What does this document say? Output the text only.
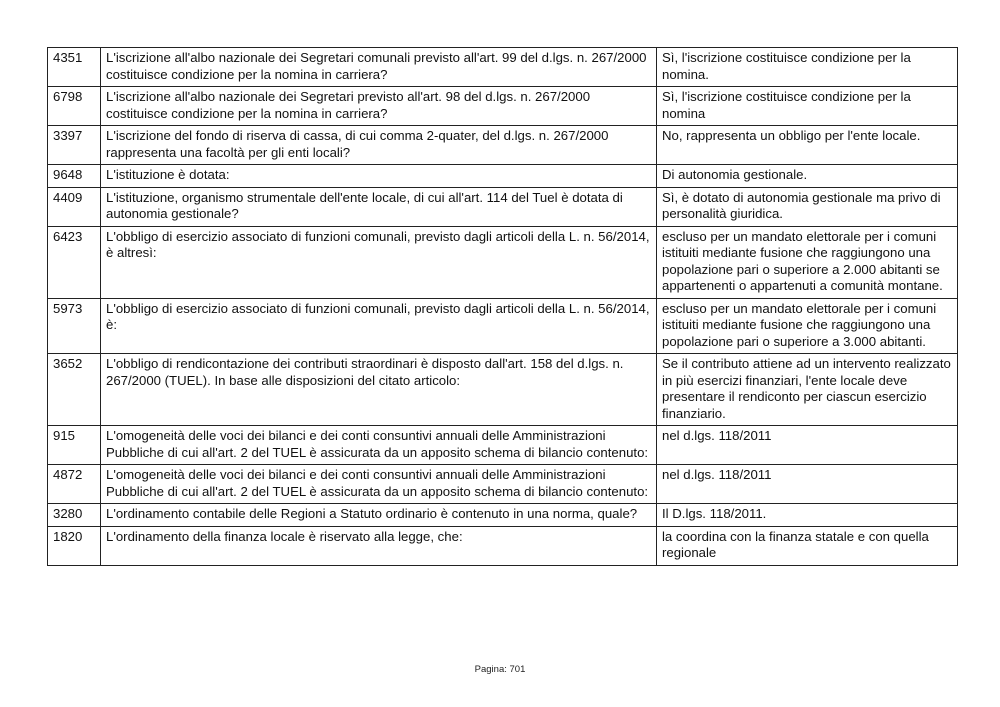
4351	L'iscrizione all'albo nazionale dei Segretari comunali previsto all'art. 99 del d.lgs. n. 267/2000 costituisce condizione per la nomina in carriera?	Sì, l'iscrizione costituisce condizione per la nomina.
6798	L'iscrizione all'albo nazionale dei Segretari previsto all'art. 98 del d.lgs. n. 267/2000 costituisce condizione per la nomina in carriera?	Sì, l'iscrizione costituisce condizione per la nomina
3397	L'iscrizione del fondo di riserva di cassa, di cui comma 2-quater, del d.lgs. n. 267/2000 rappresenta una facoltà per gli enti locali?	No, rappresenta un obbligo per l'ente locale.
9648	L'istituzione è dotata:	Di autonomia gestionale.
4409	L'istituzione, organismo strumentale dell'ente locale, di cui all'art. 114 del Tuel è dotata di autonomia gestionale?	Sì, è dotato di autonomia gestionale ma privo di personalità giuridica.
6423	L'obbligo di esercizio associato di funzioni comunali, previsto dagli articoli della L. n. 56/2014, è altresì:	escluso per un mandato elettorale per i comuni istituiti mediante fusione che raggiungono una popolazione pari o superiore a 2.000 abitanti se appartenenti o appartenuti a comunità montane.
5973	L'obbligo di esercizio associato di funzioni comunali, previsto dagli articoli della L. n. 56/2014, è:	escluso per un mandato elettorale per i comuni istituiti mediante fusione che raggiungono una popolazione pari o superiore a 3.000 abitanti.
3652	L'obbligo di rendicontazione dei contributi straordinari è disposto dall'art. 158 del d.lgs. n. 267/2000 (TUEL). In base alle disposizioni del citato articolo:	Se il contributo attiene ad un intervento realizzato in più esercizi finanziari, l'ente locale deve presentare il rendiconto per ciascun esercizio finanziario.
915	L'omogeneità delle voci dei bilanci e dei conti consuntivi annuali delle Amministrazioni Pubbliche di cui all'art. 2 del TUEL è assicurata da un apposito schema di bilancio contenuto:	nel d.lgs. 118/2011
4872	L'omogeneità delle voci dei bilanci e dei conti consuntivi annuali delle Amministrazioni Pubbliche di cui all'art. 2 del TUEL è assicurata da un apposito schema di bilancio contenuto:	nel d.lgs. 118/2011
3280	L'ordinamento contabile delle Regioni a Statuto ordinario è contenuto in una norma, quale?	Il D.lgs. 118/2011.
1820	L'ordinamento della finanza locale è riservato alla legge, che:	la coordina con la finanza statale e con quella regionale
Pagina: 701
